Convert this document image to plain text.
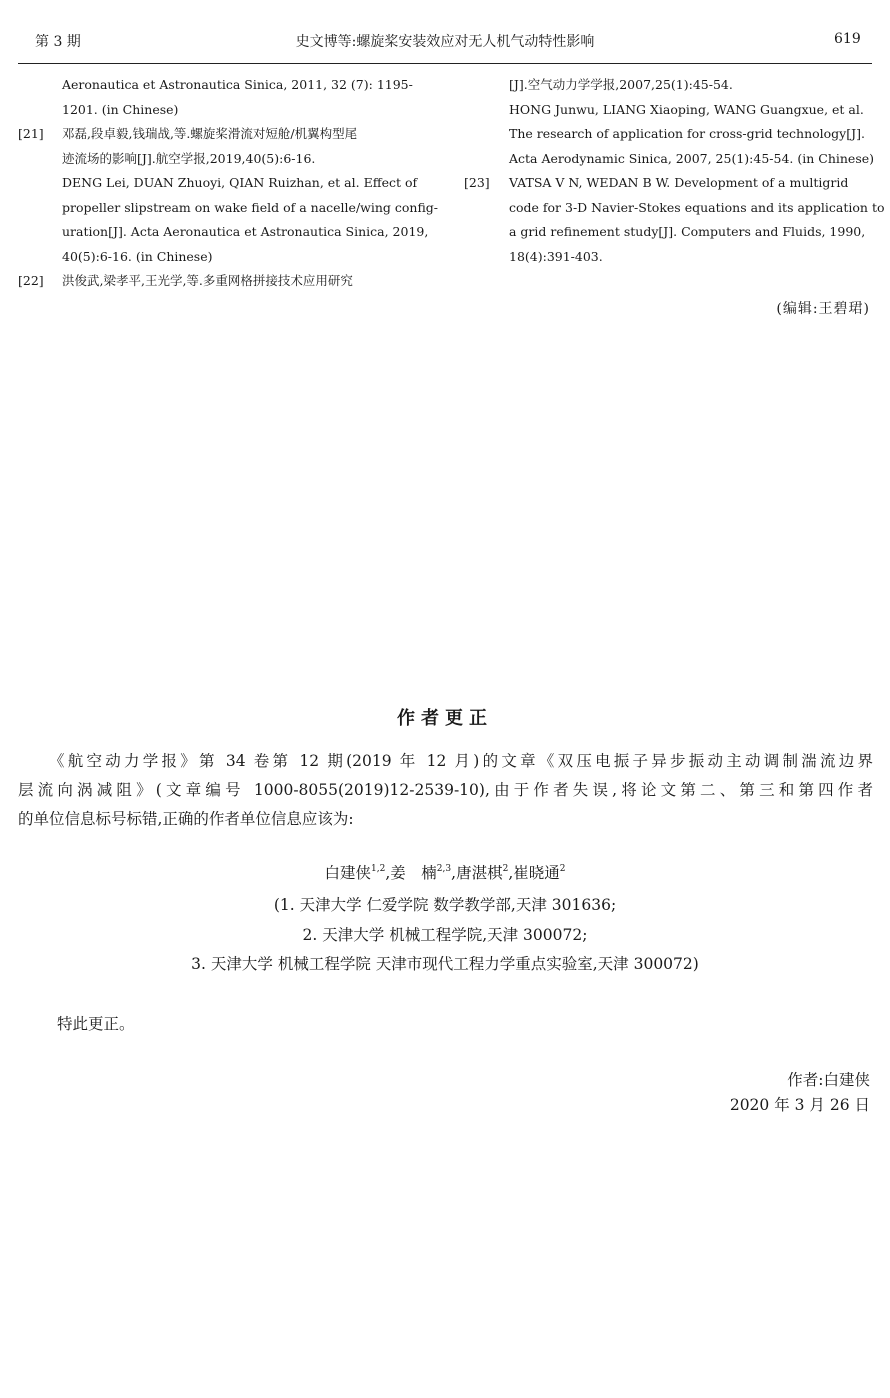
第 3 期	史文博等:螺旋桨安装效应对无人机气动特性影响	619
Aeronautica et Astronautica Sinica, 2011, 32 (7): 1195-
1201. (in Chinese)
[21] 邓磊,段卓毅,钱瑞战,等.螺旋桨滑流对短舱/机翼构型尾
迹流场的影响[J].航空学报,2019,40(5):6-16.
DENG Lei, DUAN Zhuoyi, QIAN Ruizhan, et al. Effect of
propeller slipstream on wake field of a nacelle/wing config-
uration[J]. Acta Aeronautica et Astronautica Sinica, 2019,
40(5):6-16. (in Chinese)
[22] 洪俊武,梁孝平,王光学,等.多重网格拼接技术应用研究
[J].空气动力学学报,2007,25(1):45-54.
HONG Junwu, LIANG Xiaoping, WANG Guangxue, et al.
The research of application for cross-grid technology[J].
Acta Aerodynamic Sinica, 2007, 25(1):45-54. (in Chinese)
[23] VATSA V N, WEDAN B W. Development of a multigrid
code for 3-D Navier-Stokes equations and its application to
a grid refinement study[J]. Computers and Fluids, 1990,
18(4):391-403.
(编辑:王碧珺)
作者更正
《航空动力学报》第 34 卷第 12 期(2019 年 12 月)的文章《双压电振子异步振动主动调制湍流边界
层流向涡减阻》(文章编号 1000-8055(2019)12-2539-10),由于作者失误,将论文第二、第三和第四作者
的单位信息标号标错,正确的作者单位信息应该为:
白建侠$^{1,2}$,姜　楠$^{2,3}$,唐湛棋$^2$,崔晓通$^2$
(1. 天津大学 仁爱学院 数学教学部,天津 301636;
2. 天津大学 机械工程学院,天津 300072;
3. 天津大学 机械工程学院 天津市现代工程力学重点实验室,天津 300072)
特此更正。
作者:白建侠
2020 年 3 月 26 日
